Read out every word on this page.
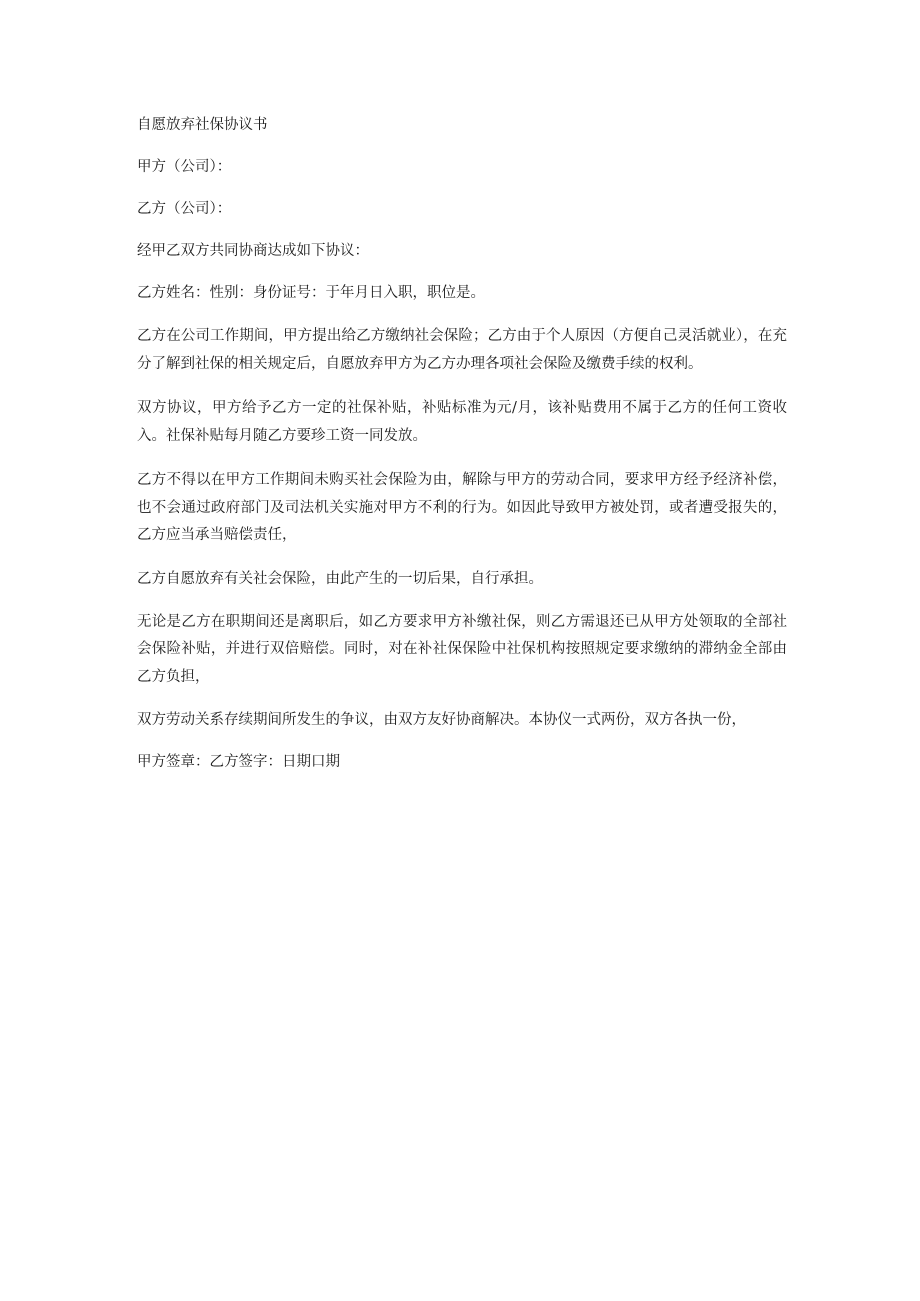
自愿放弃社保协议书

甲方（公司）：

乙方（公司）：

经甲乙双方共同协商达成如下协议：

乙方姓名：性别：身份证号：于年月日入职，职位是。

乙方在公司工作期间，甲方提出给乙方缴纳社会保险；乙方由于个人原因（方便自己灵活就业），在充分了解到社保的相关规定后，自愿放弃甲方为乙方办理各项社会保险及缴费手续的权利。

双方协议，甲方给予乙方一定的社保补贴，补贴标准为元/月，该补贴费用不属于乙方的任何工资收入。社保补贴每月随乙方要珍工资一同发放。

乙方不得以在甲方工作期间未购买社会保险为由，解除与甲方的劳动合同，要求甲方经予经济补偿，也不会通过政府部门及司法机关实施对甲方不利的行为。如因此导致甲方被处罚，或者遭受报失的，乙方应当承当赔偿责任，

乙方自愿放弃有关社会保险，由此产生的一切后果，自行承担。

无论是乙方在职期间还是离职后，如乙方要求甲方补缴社保，则乙方需退还已从甲方处领取的全部社会保险补贴，并进行双倍赔偿。同时，对在补社保保险中社保机构按照规定要求缴纳的滞纳金全部由乙方负担，

双方劳动关系存续期间所发生的争议，由双方友好协商解决。本协仪一式两份，双方各执一份，

甲方签章：乙方签字：日期口期
